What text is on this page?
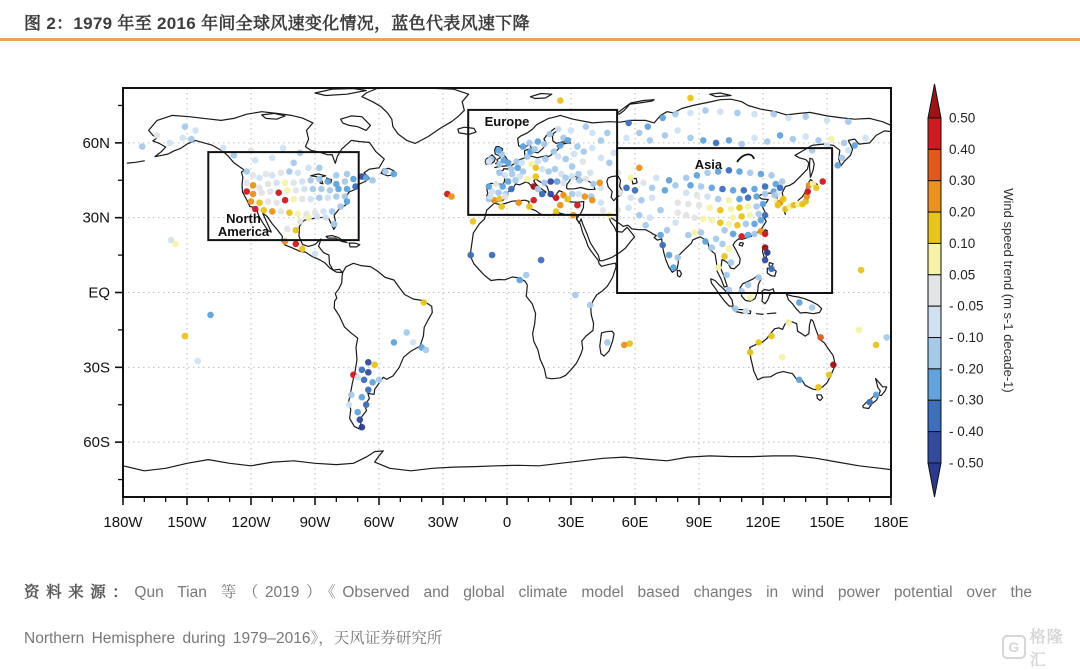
图 2：1979 年至 2016 年间全球风速变化情况，蓝色代表风速下降
North
America
Europe
Asia
180W 150W 120W 90W 60W 30W	0	30E 60E 90E 120E 150E 180E
60N
30N
EQ
30S
60S
0.50
0.40
0.30
0.20
0.10
0.05
- 0.05
- 0.10
- 0.20
- 0.30
- 0.40
- 0.50
Wind speed trend (m s-1 decade-1)
资料来源：Qun Tian 等（2019）《Observed and global climate model based changes in wind power potential over the
Northern Hemisphere during 1979–2016》，天风证券研究所	G
格隆汇
